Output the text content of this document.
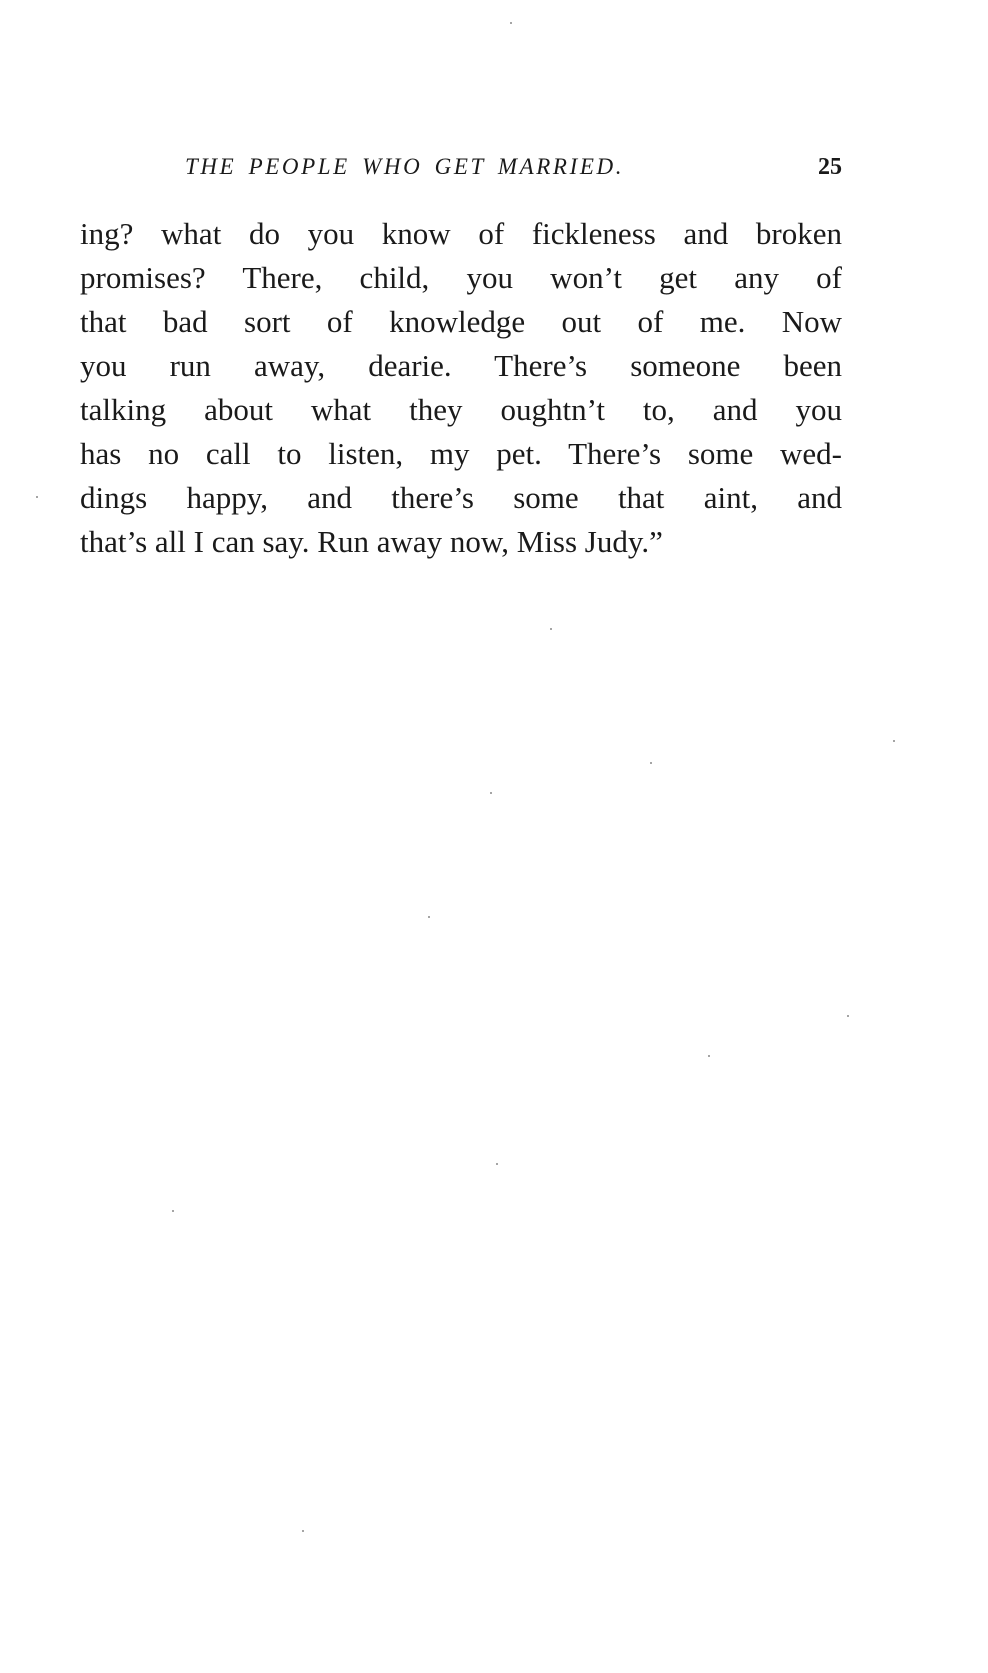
THE PEOPLE WHO GET MARRIED.	25
ing? what do you know of fickleness and broken
promises? There, child, you won’t get any of
that bad sort of knowledge out of me. Now
you run away, dearie. There’s someone been
talking about what they oughtn’t to, and you
has no call to listen, my pet. There’s some wed-
dings happy, and there’s some that aint, and
that’s all I can say. Run away now, Miss Judy.”
